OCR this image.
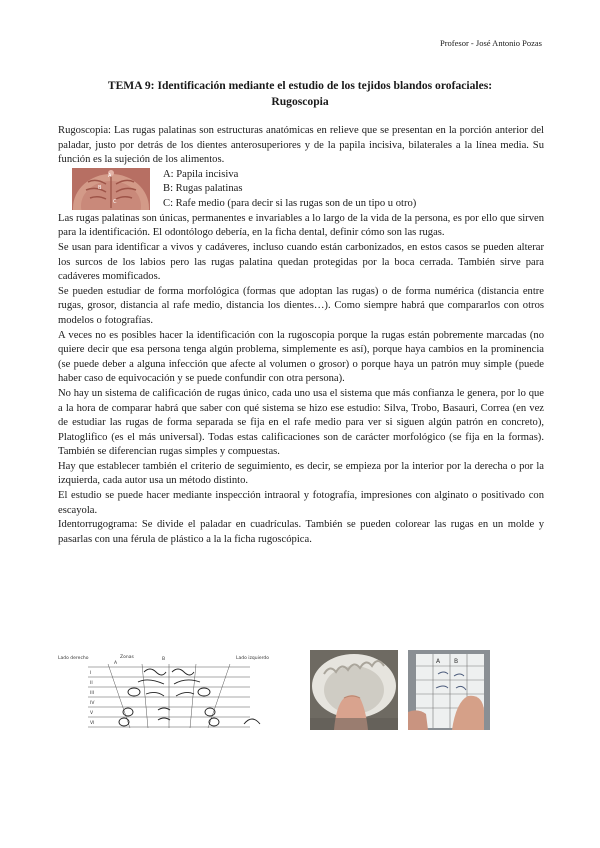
Profesor - José Antonio Pozas
TEMA 9: Identificación mediante el estudio de los tejidos blandos orofaciales:
Rugoscopia

Rugoscopia: Las rugas palatinas son estructuras anatómicas en relieve que se presentan en la porción anterior del paladar, justo por detrás de los dientes anterosuperiores y de la papila incisiva, bilaterales a la línea media. Su función es la sujeción de los alimentos.

A
B
C
A: Papila incisiva
B: Rugas palatinas
C: Rafe medio (para decir si las rugas son de un tipo u otro)

Las rugas palatinas son únicas, permanentes e invariables a lo largo de la vida de la persona, es por ello que sirven para la identificación. El odontólogo debería, en la ficha dental, definir cómo son las rugas.

Se usan para identificar a vivos y cadáveres, incluso cuando están carbonizados, en estos casos se pueden alterar los surcos de los labios pero las rugas palatina quedan protegidas por la boca cerrada. También sirve para cadáveres momificados.

Se pueden estudiar de forma morfológica (formas que adoptan las rugas) o de forma numérica (distancia entre rugas, grosor, distancia al rafe medio, distancia los dientes…). Como siempre habrá que compararlos con otros modelos o fotografías.

A veces no es posibles hacer la identificación con la rugoscopia porque la rugas están pobremente marcadas (no quiere decir que esa persona tenga algún problema, simplemente es así), porque haya cambios en la prominencia (se puede deber a alguna infección que afecte al volumen o grosor) o porque haya un patrón muy simple (puede haber caso de equivocación y se puede confundir con otra persona).

No hay un sistema de calificación de rugas único, cada uno usa el sistema que más confianza le genera, por lo que a la hora de comparar habrá que saber con qué sistema se hizo ese estudio: Silva, Trobo, Basauri, Correa (en vez de estudiar las rugas de forma separada se fija en el rafe medio para ver si siguen algún patrón en concreto), Platoglifico (es el más universal). Todas estas calificaciones son de carácter morfológico (se fija en la formas). También se diferencian rugas simples y compuestas.

Hay que establecer también el criterio de seguimiento, es decir, se empieza por la interior por la derecha o por la izquierda, cada autor usa un método distinto.

El estudio se puede hacer mediante inspección intraoral y fotografía, impresiones con alginato o positivado con escayola.

Identorrugograma: Se divide el paladar en cuadrículas. También se pueden colorear las rugas en un molde y pasarlas con una férula de plástico a la la ficha rugoscópica.

Lado derecho	Lado izquierdo
Zonas
A
B
I
II
III
IV
V
VI
A B
